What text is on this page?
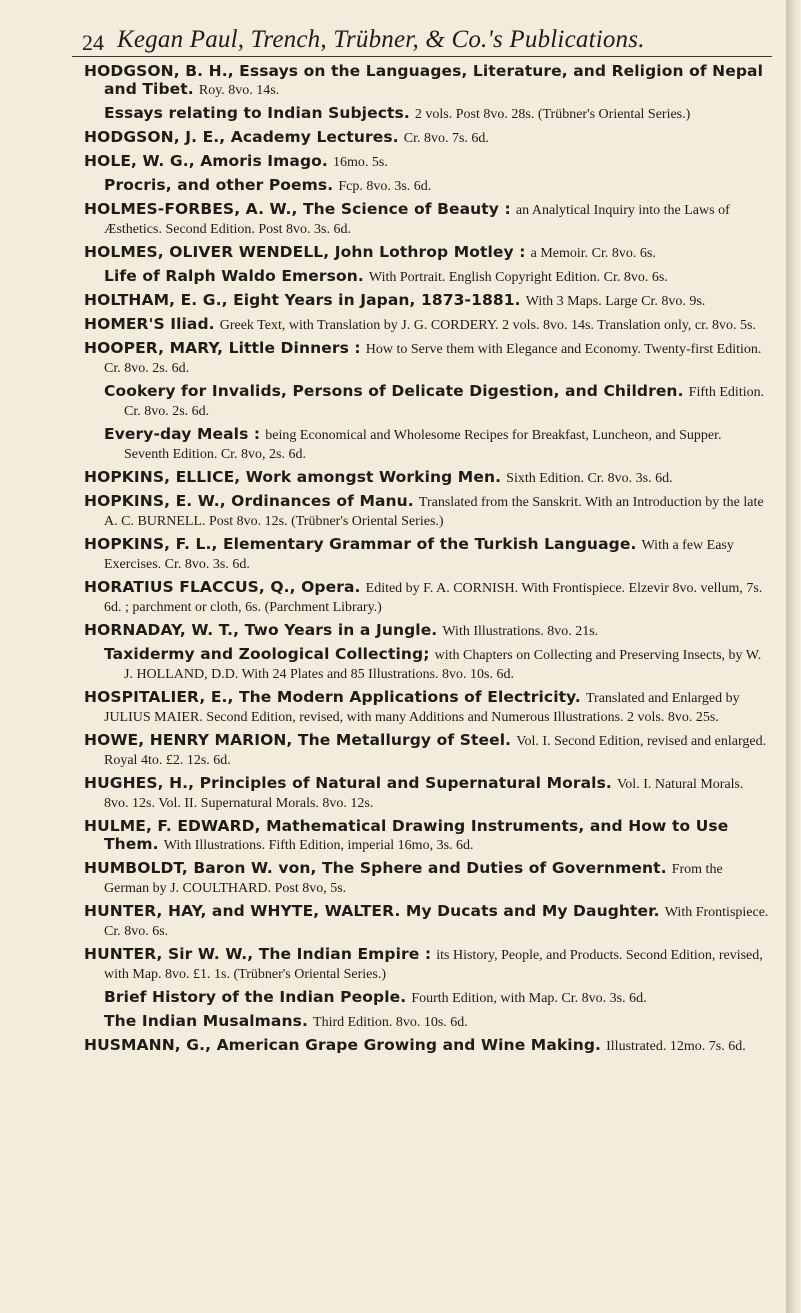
24 Kegan Paul, Trench, Trübner, & Co.'s Publications.

HODGSON, B. H., Essays on the Languages, Literature, and Religion of Nepal and Tibet. Roy. 8vo. 14s.

Essays relating to Indian Subjects. 2 vols. Post 8vo. 28s. (Trübner's Oriental Series.)

HODGSON, J. E., Academy Lectures. Cr. 8vo. 7s. 6d.

HOLE, W. G., Amoris Imago. 16mo. 5s.

Procris, and other Poems. Fcp. 8vo. 3s. 6d.

HOLMES-FORBES, A. W., The Science of Beauty : an Analytical Inquiry into the Laws of Æsthetics. Second Edition. Post 8vo. 3s. 6d.

HOLMES, OLIVER WENDELL, John Lothrop Motley : a Memoir. Cr. 8vo. 6s.

Life of Ralph Waldo Emerson. With Portrait. English Copyright Edition. Cr. 8vo. 6s.

HOLTHAM, E. G., Eight Years in Japan, 1873-1881. With 3 Maps. Large Cr. 8vo. 9s.

HOMER'S Iliad. Greek Text, with Translation by J. G. CORDERY. 2 vols. 8vo. 14s. Translation only, cr. 8vo. 5s.

HOOPER, MARY, Little Dinners : How to Serve them with Elegance and Economy. Twenty-first Edition. Cr. 8vo. 2s. 6d.

Cookery for Invalids, Persons of Delicate Digestion, and Children. Fifth Edition. Cr. 8vo. 2s. 6d.

Every-day Meals : being Economical and Wholesome Recipes for Breakfast, Luncheon, and Supper. Seventh Edition. Cr. 8vo, 2s. 6d.

HOPKINS, ELLICE, Work amongst Working Men. Sixth Edition. Cr. 8vo. 3s. 6d.

HOPKINS, E. W., Ordinances of Manu. Translated from the Sanskrit. With an Introduction by the late A. C. BURNELL. Post 8vo. 12s. (Trübner's Oriental Series.)

HOPKINS, F. L., Elementary Grammar of the Turkish Language. With a few Easy Exercises. Cr. 8vo. 3s. 6d.

HORATIUS FLACCUS, Q., Opera. Edited by F. A. CORNISH. With Frontispiece. Elzevir 8vo. vellum, 7s. 6d. ; parchment or cloth, 6s. (Parchment Library.)

HORNADAY, W. T., Two Years in a Jungle. With Illustrations. 8vo. 21s.

Taxidermy and Zoological Collecting; with Chapters on Collecting and Preserving Insects, by W. J. HOLLAND, D.D. With 24 Plates and 85 Illustrations. 8vo. 10s. 6d.

HOSPITALIER, E., The Modern Applications of Electricity. Translated and Enlarged by JULIUS MAIER. Second Edition, revised, with many Additions and Numerous Illustrations. 2 vols. 8vo. 25s.

HOWE, HENRY MARION, The Metallurgy of Steel. Vol. I. Second Edition, revised and enlarged. Royal 4to. £2. 12s. 6d.

HUGHES, H., Principles of Natural and Supernatural Morals. Vol. I. Natural Morals. 8vo. 12s. Vol. II. Supernatural Morals. 8vo. 12s.

HULME, F. EDWARD, Mathematical Drawing Instruments, and How to Use Them. With Illustrations. Fifth Edition, imperial 16mo, 3s. 6d.

HUMBOLDT, Baron W. von, The Sphere and Duties of Government. From the German by J. COULTHARD. Post 8vo, 5s.

HUNTER, HAY, and WHYTE, WALTER. My Ducats and My Daughter. With Frontispiece. Cr. 8vo. 6s.

HUNTER, Sir W. W., The Indian Empire : its History, People, and Products. Second Edition, revised, with Map. 8vo. £1. 1s. (Trübner's Oriental Series.)

Brief History of the Indian People. Fourth Edition, with Map. Cr. 8vo. 3s. 6d.

The Indian Musalmans. Third Edition. 8vo. 10s. 6d.

HUSMANN, G., American Grape Growing and Wine Making. Illustrated. 12mo. 7s. 6d.
